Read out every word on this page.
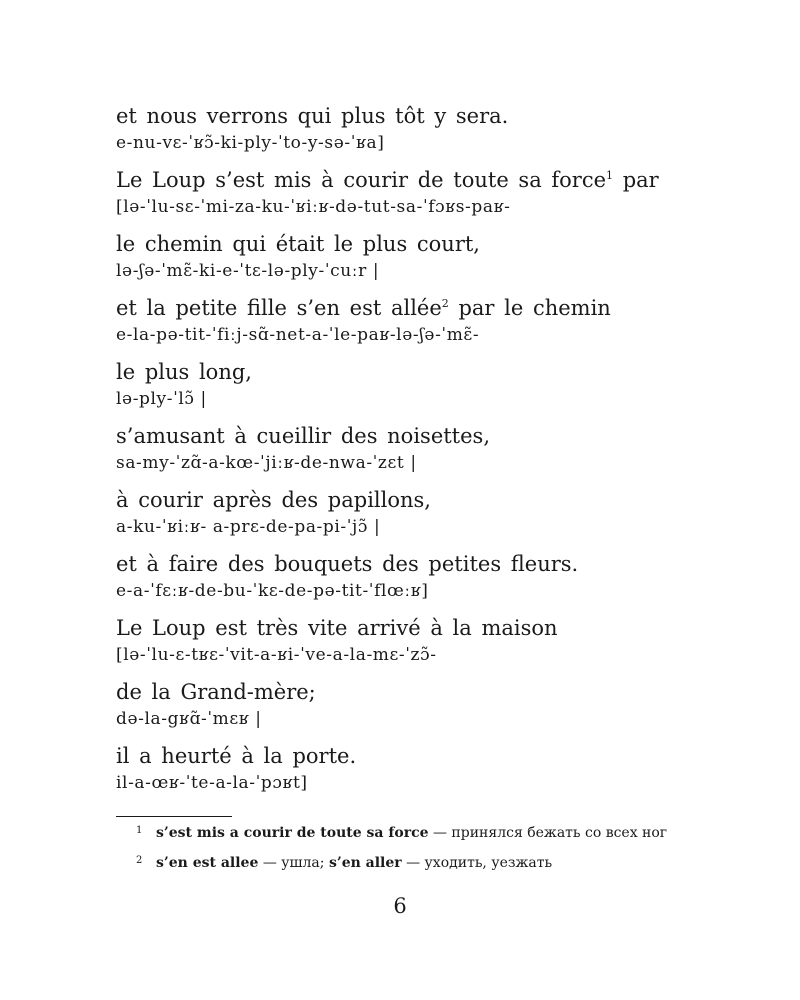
et nous verrons qui plus tôt y sera.
e-nu-vɛ-ˈʁɔ̃-ki-ply-ˈto-y-sə-ˈʁa]
Le Loup s’est mis à courir de toute sa force$^1$ par
[lə-ˈlu-sɛ-ˈmi-za-ku-ˈʁiːʁ-də-tut-sa-ˈfɔʁs-paʁ-
le chemin qui était le plus court,
lə-ʃə-ˈmɛ̃-ki-e-ˈtɛ-lə-ply-ˈcuːr |
et la petite fille s’en est allée$^2$ par le chemin
e-la-pə-tit-ˈfiːj-sɑ̃-net-a-ˈle-paʁ-lə-ʃə-ˈmɛ̃-
le plus long,
lə-ply-ˈlɔ̃ |
s’amusant à cueillir des noisettes,
sa-my-ˈzɑ̃-a-kœ-ˈjiːʁ-de-nwa-ˈzɛt |
à courir après des papillons,
a-ku-ˈʁiːʁ- a-prɛ-de-pa-pi-ˈjɔ̃ |
et à faire des bouquets des petites fleurs.
e-a-ˈfɛːʁ-de-bu-ˈkɛ-de-pə-tit-ˈflœːʁ]
Le Loup est très vite arrivé à la maison
[lə-ˈlu-ɛ-tʁɛ-ˈvit-a-ʁi-ˈve-a-la-mɛ-ˈzɔ̃-
de la Grand-mère;
də-la-gʁɑ̃-ˈmɛʁ |
il a heurté à la porte.
il-a-œʁ-ˈte-a-la-ˈpɔʁt]
1 s’est mis a courir de toute sa force — принялся бежать со всех ног
2 s’en est allee — ушла; s’en aller — уходить, уезжать
6
